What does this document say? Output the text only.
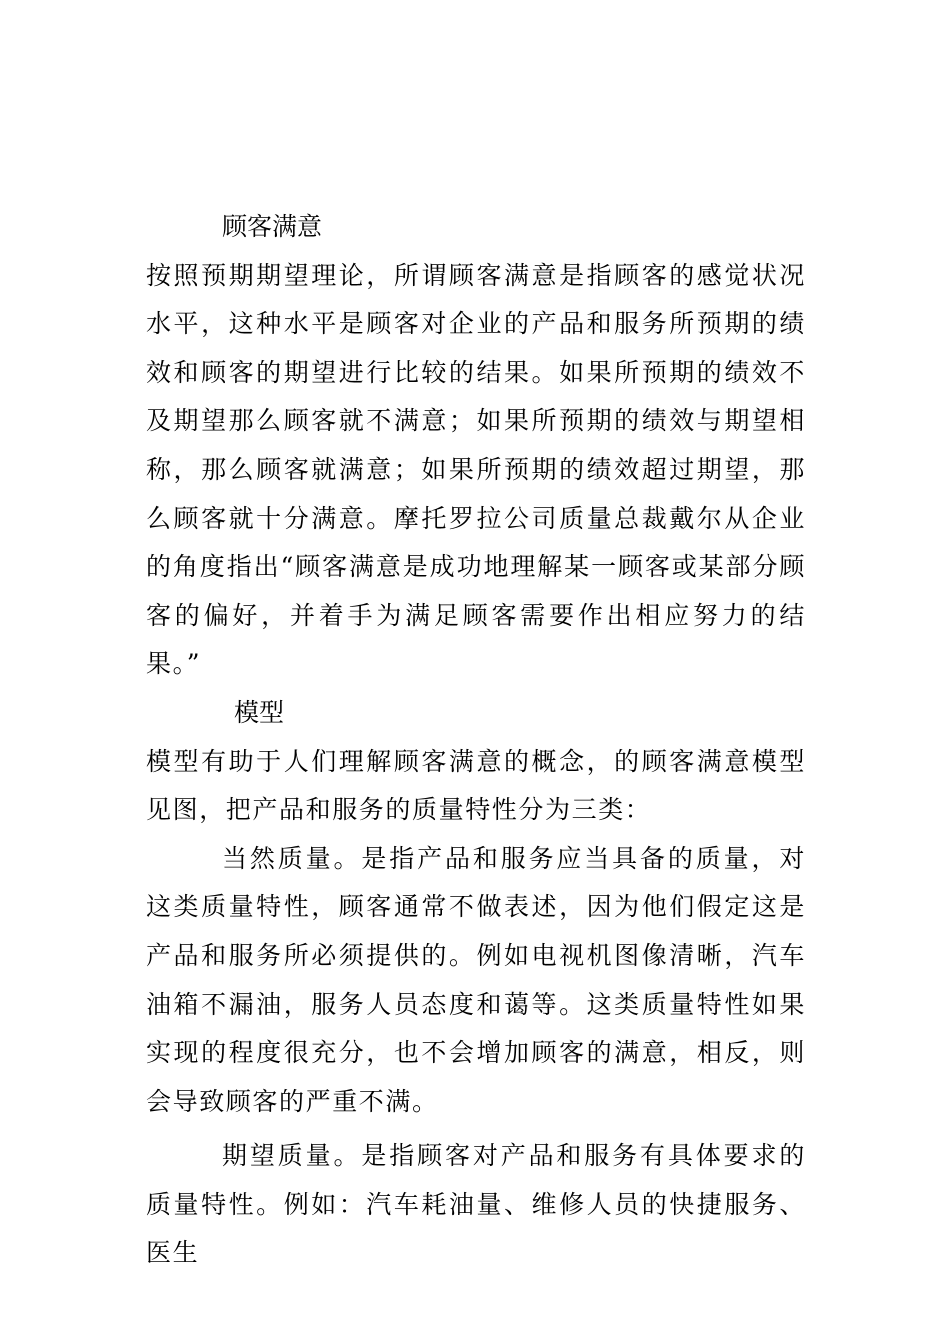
顾客满意

按照预期期望理论，所谓顾客满意是指顾客的感觉状况水平，这种水平是顾客对企业的产品和服务所预期的绩效和顾客的期望进行比较的结果。如果所预期的绩效不及期望那么顾客就不满意；如果所预期的绩效与期望相称，那么顾客就满意；如果所预期的绩效超过期望，那么顾客就十分满意。摩托罗拉公司质量总裁戴尔从企业的角度指出“顾客满意是成功地理解某一顾客或某部分顾客的偏好，并着手为满足顾客需要作出相应努力的结果。”

模型

模型有助于人们理解顾客满意的概念，的顾客满意模型见图，把产品和服务的质量特性分为三类：

当然质量。是指产品和服务应当具备的质量，对这类质量特性，顾客通常不做表述，因为他们假定这是产品和服务所必须提供的。例如电视机图像清晰，汽车油箱不漏油，服务人员态度和蔼等。这类质量特性如果实现的程度很充分，也不会增加顾客的满意，相反，则会导致顾客的严重不满。

期望质量。是指顾客对产品和服务有具体要求的质量特性。例如：汽车耗油量、维修人员的快捷服务、医生
